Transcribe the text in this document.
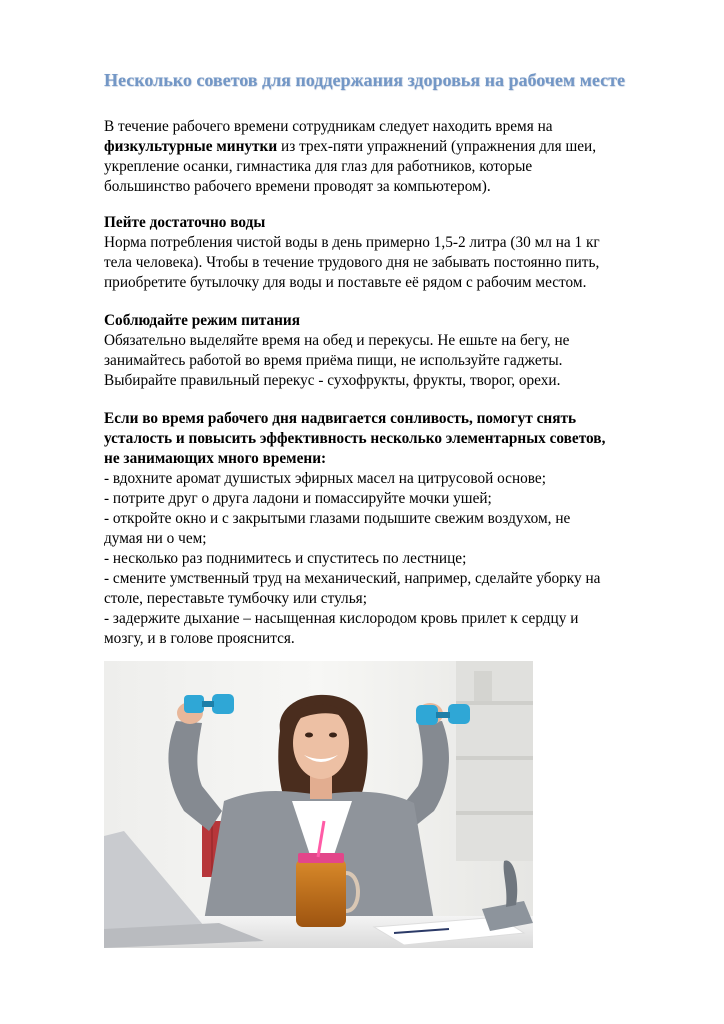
Несколько советов для поддержания здоровья на рабочем месте

В течение рабочего времени сотрудникам следует находить время на
физкультурные минутки из трех-пяти упражнений (упражнения для шеи,
укрепление осанки, гимнастика для глаз для работников, которые
большинство рабочего времени проводят за компьютером).

Пейте достаточно воды
Норма потребления чистой воды в день примерно 1,5-2 литра (30 мл на 1 кг
тела человека). Чтобы в течение трудового дня не забывать постоянно пить,
приобретите бутылочку для воды и поставьте её рядом с рабочим местом.

Соблюдайте режим питания
Обязательно выделяйте время на обед и перекусы. Не ешьте на бегу, не
занимайтесь работой во время приёма пищи, не используйте гаджеты.
Выбирайте правильный перекус - сухофрукты, фрукты, творог, орехи.

Если во время рабочего дня надвигается сонливость, помогут снять
усталость и повысить эффективность несколько элементарных советов,
не занимающих много времени:
- вдохните аромат душистых эфирных масел на цитрусовой основе;
- потрите друг о друга ладони и помассируйте мочки ушей;
- откройте окно и с закрытыми глазами подышите свежим воздухом, не
думая ни о чем;
- несколько раз поднимитесь и спуститесь по лестнице;
- смените умственный труд на механический, например, сделайте уборку на
столе, переставьте тумбочку или стулья;
- задержите дыхание – насыщенная кислородом кровь прилет к сердцу и
мозгу, и в голове прояснится.
